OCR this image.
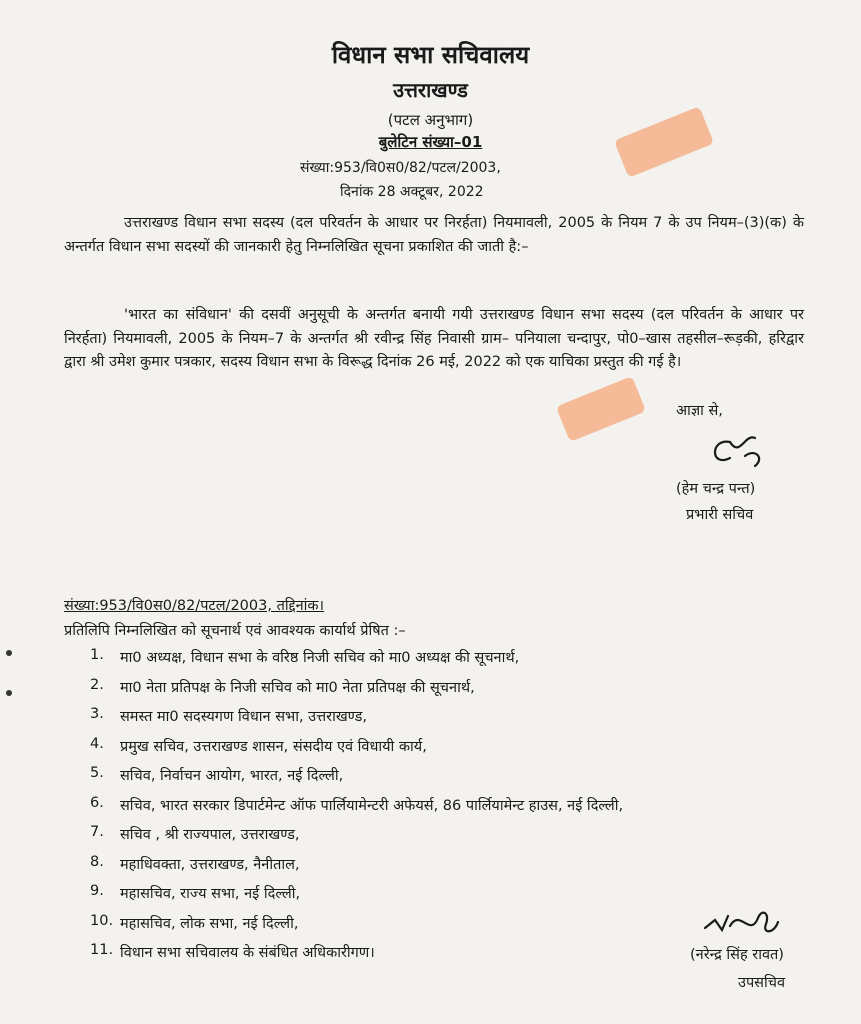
विधान सभा सचिवालय
उत्तराखण्ड
(पटल अनुभाग)
बुलेटिन संख्या–01
संख्या:953/वि0स0/82/पटल/2003,
दिनांक 28 अक्टूबर, 2022
उत्तराखण्ड विधान सभा सदस्य (दल परिवर्तन के आधार पर निरर्हता) नियमावली, 2005 के नियम 7 के उप नियम–(3)(क) के अन्तर्गत विधान सभा सदस्यों की जानकारी हेतु निम्नलिखित सूचना प्रकाशित की जाती है:–
'भारत का संविधान' की दसवीं अनुसूची के अन्तर्गत बनायी गयी उत्तराखण्ड विधान सभा सदस्य (दल परिवर्तन के आधार पर निरर्हता) नियमावली, 2005 के नियम–7 के अन्तर्गत श्री रवीन्द्र सिंह निवासी ग्राम– पनियाला चन्दापुर, पो0–खास तहसील–रूड़की, हरिद्वार द्वारा श्री उमेश कुमार पत्रकार, सदस्य विधान सभा के विरूद्ध दिनांक 26 मई, 2022 को एक याचिका प्रस्तुत की गई है।
आज्ञा से,
(हेम चन्द्र पन्त)
प्रभारी सचिव
संख्या:953/वि0स0/82/पटल/2003, तद्दिनांक।
प्रतिलिपि निम्नलिखित को सूचनार्थ एवं आवश्यक कार्यार्थ प्रेषित :–
1.	मा0 अध्यक्ष, विधान सभा के वरिष्ठ निजी सचिव को मा0 अध्यक्ष की सूचनार्थ,
2.	मा0 नेता प्रतिपक्ष के निजी सचिव को मा0 नेता प्रतिपक्ष की सूचनार्थ,
3.	समस्त मा0 सदस्यगण विधान सभा, उत्तराखण्ड,
4.	प्रमुख सचिव, उत्तराखण्ड शासन, संसदीय एवं विधायी कार्य,
5.	सचिव, निर्वाचन आयोग, भारत, नई दिल्ली,
6.	सचिव, भारत सरकार डिपार्टमेन्ट ऑफ पार्लियामेन्टरी अफेयर्स, 86 पार्लियामेन्ट हाउस, नई दिल्ली,
7.	सचिव , श्री राज्यपाल, उत्तराखण्ड,
8.	महाधिवक्ता, उत्तराखण्ड, नैनीताल,
9.	महासचिव, राज्य सभा, नई दिल्ली,
10. महासचिव, लोक सभा, नई दिल्ली,
11. विधान सभा सचिवालय के संबंधित अधिकारीगण।	(नरेन्द्र सिंह रावत)
उपसचिव
